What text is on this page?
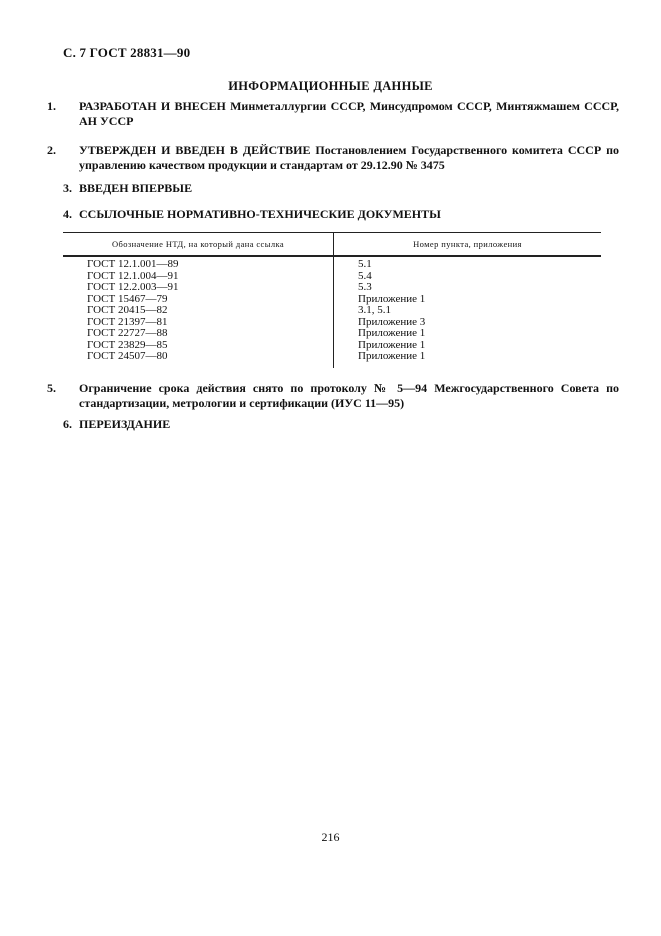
С. 7 ГОСТ 28831—90
ИНФОРМАЦИОННЫЕ ДАННЫЕ
1. РАЗРАБОТАН И ВНЕСЕН Минметаллургии СССР, Минсудпромом СССР, Минтяжмашем СССР, АН УССР
2. УТВЕРЖДЕН И ВВЕДЕН В ДЕЙСТВИЕ Постановлением Государственного комитета СССР по управлению качеством продукции и стандартам от 29.12.90 № 3475
3. ВВЕДЕН ВПЕРВЫЕ
4. ССЫЛОЧНЫЕ НОРМАТИВНО-ТЕХНИЧЕСКИЕ ДОКУМЕНТЫ
Обозначение НТД, на который дана ссылка	Номер пункта, приложения
ГОСТ 12.1.001—89	5.1
ГОСТ 12.1.004—91	5.4
ГОСТ 12.2.003—91	5.3
ГОСТ 15467—79	Приложение 1
ГОСТ 20415—82	3.1, 5.1
ГОСТ 21397—81	Приложение 3
ГОСТ 22727—88	Приложение 1
ГОСТ 23829—85	Приложение 1
ГОСТ 24507—80	Приложение 1
5. Ограничение срока действия снято по протоколу № 5—94 Межгосударственного Совета по стандартизации, метрологии и сертификации (ИУС 11—95)
6. ПЕРЕИЗДАНИЕ
216
